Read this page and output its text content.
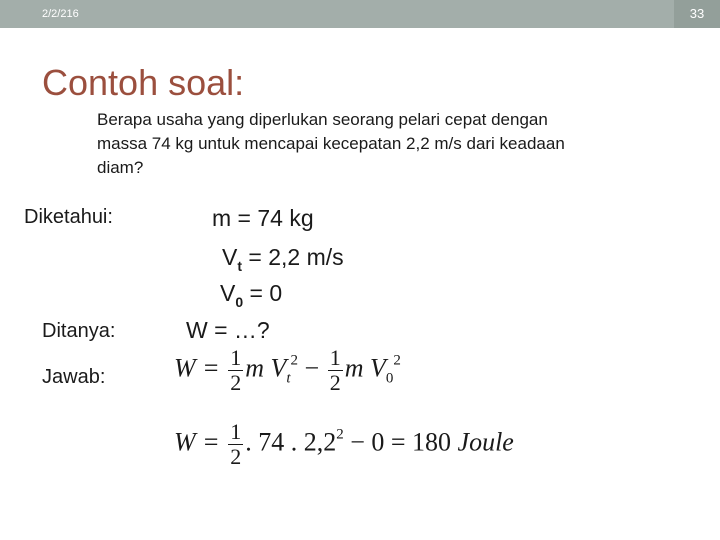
2/2/216	33
Contoh soal:
Berapa usaha yang diperlukan seorang pelari cepat dengan massa 74 kg untuk mencapai kecepatan 2,2 m/s dari keadaan diam?
Diketahui:
Ditanya:
Jawab:
m = 74 kg
$V_t = 2,2$ m/s
$V_0 = 0$
W = …?
$W = \frac{1}{2}$ m $V_t^2 - \frac{1}{2}$ m $V_0^2$
$W = \frac{1}{2}$ . 74 . $2,2^2 - 0 = 180$ Joule
